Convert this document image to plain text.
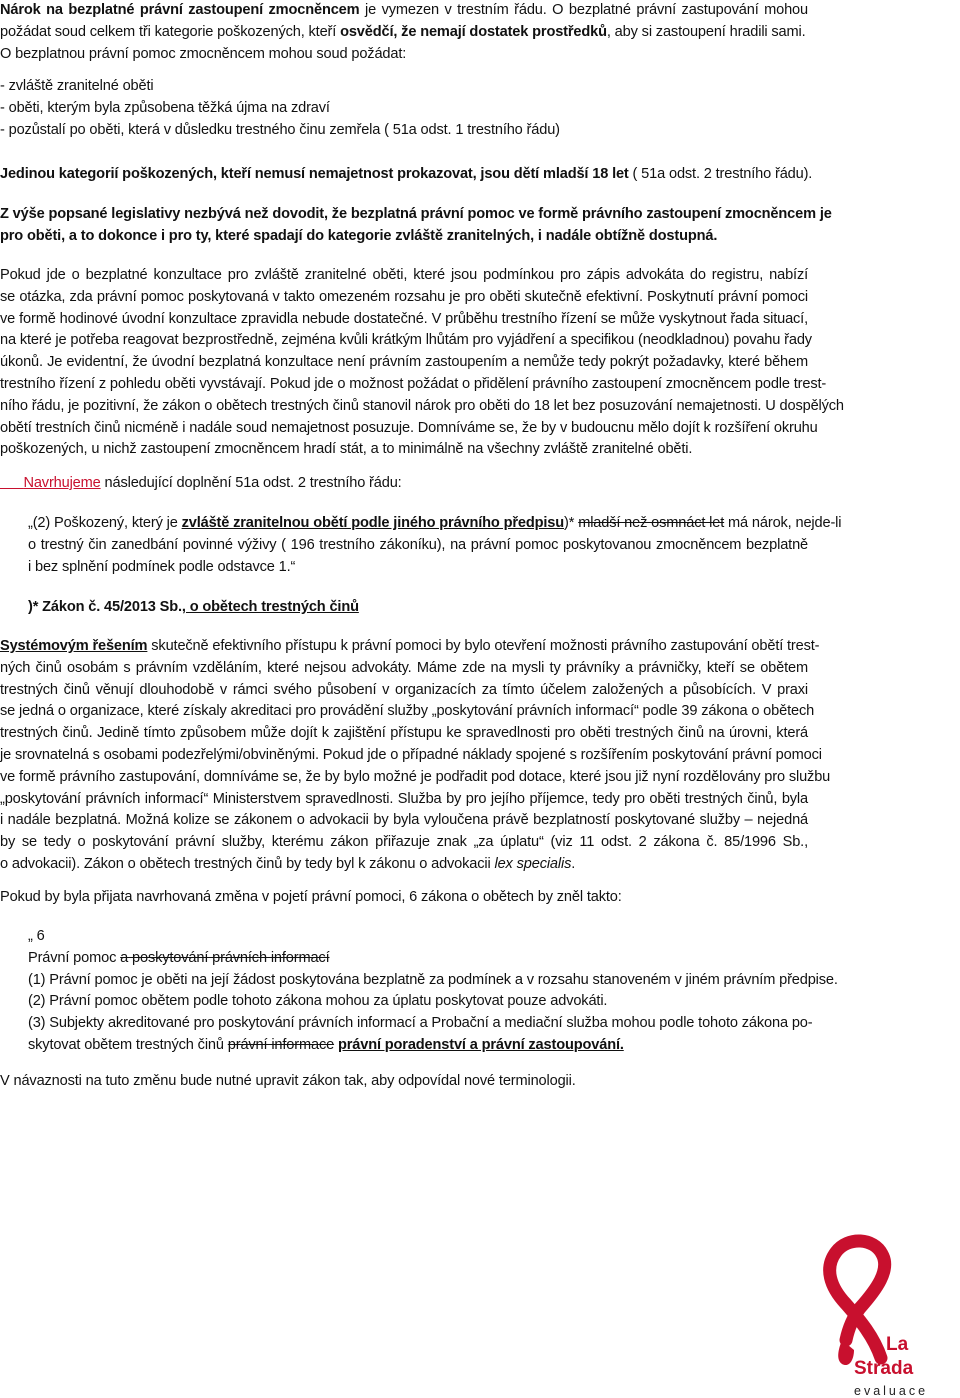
Nárok na bezplatné právní zastoupení zmocněncem je vymezen v trestním řádu. O bezplatné právní zastupování mohou
požádat soud celkem tři kategorie poškozených, kteří osvědčí, že nemají dostatek prostředků, aby si zastoupení hradili sami.
O bezplatnou právní pomoc zmocněncem mohou soud požádat:
- zvláště zranitelné oběti
- oběti, kterým byla způsobena těžká újma na zdraví
- pozůstalí po oběti, která v důsledku trestného činu zemřela ( 51a odst. 1 trestního řádu)
Jedinou kategorií poškozených, kteří nemusí nemajetnost prokazovat, jsou dětí mladší 18 let ( 51a odst. 2 trestního řádu).
Z výše popsané legislativy nezbývá než dovodit, že bezplatná právní pomoc ve formě právního zastoupení zmocněncem je
pro oběti, a to dokonce i pro ty, které spadají do kategorie zvláště zranitelných, i nadále obtížně dostupná.
Pokud jde o bezplatné konzultace pro zvláště zranitelné oběti, které jsou podmínkou pro zápis advokáta do registru, nabízí
se otázka, zda právní pomoc poskytovaná v takto omezeném rozsahu je pro oběti skutečně efektivní. Poskytnutí právní pomoci
ve formě hodinové úvodní konzultace zpravidla nebude dostatečné. V průběhu trestního řízení se může vyskytnout řada situací,
na které je potřeba reagovat bezprostředně, zejména kvůli krátkým lhůtám pro vyjádření a specifikou (neodkladnou) povahu řady
úkonů. Je evidentní, že úvodní bezplatná konzultace není právním zastoupením a nemůže tedy pokrýt požadavky, které během
trestního řízení z pohledu oběti vyvstávají. Pokud jde o možnost požádat o přidělení právního zastoupení zmocněncem podle trest-
ního řádu, je pozitivní, že zákon o obětech trestných činů stanovil nárok pro oběti do 18 let bez posuzování nemajetnosti. U dospělých
obětí trestních činů nicméně i nadále soud nemajetnost posuzuje. Domníváme se, že by v budoucnu mělo dojít k rozšíření okruhu
poškozených, u nichž zastoupení zmocněncem hradí stát, a to minimálně na všechny zvláště zranitelné oběti.
Navrhujeme následující doplnění 51a odst. 2 trestního řádu:
„(2) Poškozený, který je zvláště zranitelnou obětí podle jiného právního předpisu)* mladší než osmnáct let má nárok, nejde-li
o trestný čin zanedbání povinné výživy ( 196 trestního zákoníku), na právní pomoc poskytovanou zmocněncem bezplatně
i bez splnění podmínek podle odstavce 1.“
)* Zákon č. 45/2013 Sb., o obětech trestných činů
Systémovým řešením skutečně efektivního přístupu k právní pomoci by bylo otevření možnosti právního zastupování obětí trest-
ných činů osobám s právním vzděláním, které nejsou advokáty. Máme zde na mysli ty právníky a právničky, kteří se obětem
trestných činů věnují dlouhodobě v rámci svého působení v organizacích za tímto účelem založených a působících. V praxi
se jedná o organizace, které získaly akreditaci pro provádění služby „poskytování právních informací“ podle 39 zákona o obětech
trestných činů. Jedině tímto způsobem může dojít k zajištění přístupu ke spravedlnosti pro oběti trestných činů na úrovni, která
je srovnatelná s osobami podezřelými/obviněnými. Pokud jde o případné náklady spojené s rozšířením poskytování právní pomoci
ve formě právního zastupování, domníváme se, že by bylo možné je podřadit pod dotace, které jsou již nyní rozdělovány pro službu
„poskytování právních informací“ Ministerstvem spravedlnosti. Služba by pro jejího příjemce, tedy pro oběti trestných činů, byla
i nadále bezplatná. Možná kolize se zákonem o advokacii by byla vyloučena právě bezplatností poskytované služby – nejedná
by se tedy o poskytování právní služby, kterému zákon přiřazuje znak „za úplatu“ (viz 11 odst. 2 zákona č. 85/1996 Sb.,
o advokacii). Zákon o obětech trestných činů by tedy byl k zákonu o advokacii lex specialis.
Pokud by byla přijata navrhovaná změna v pojetí právní pomoci, 6 zákona o obětech by zněl takto:
„ 6
Právní pomoc a poskytování právních informací
(1) Právní pomoc je oběti na její žádost poskytována bezplatně za podmínek a v rozsahu stanoveném v jiném právním předpise.
(2) Právní pomoc obětem podle tohoto zákona mohou za úplatu poskytovat pouze advokáti.
(3) Subjekty akreditované pro poskytování právních informací a Probační a mediační služba mohou podle tohoto zákona po-
skytovat obětem trestných činů právní informace právní poradenství a právní zastoupování.
V návaznosti na tuto změnu bude nutné upravit zákon tak, aby odpovídal nové terminologii.
La
Strada
evaluace
